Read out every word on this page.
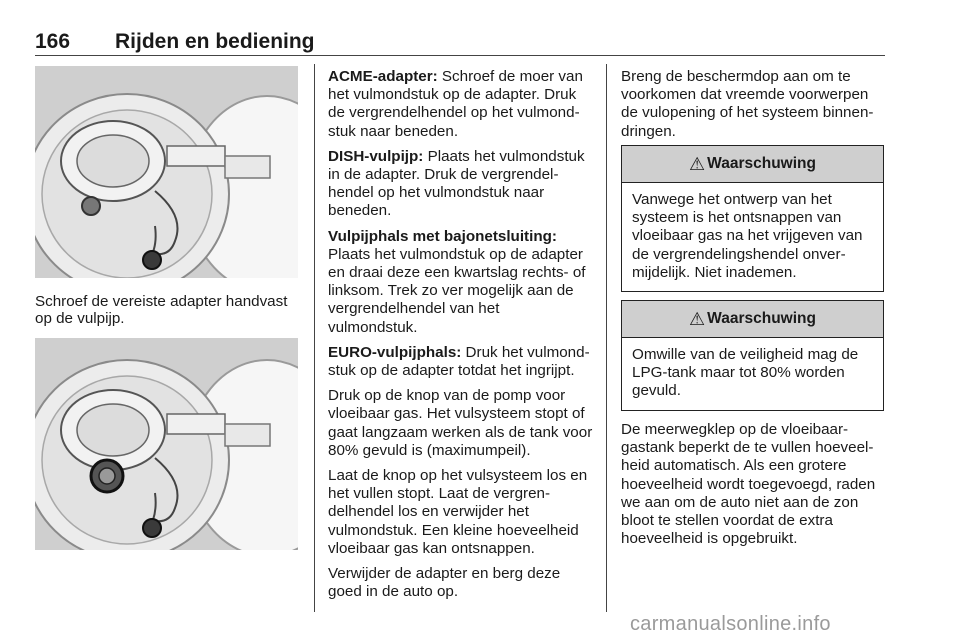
166 Rijden en bediening
Schroef de vereiste adapter handvast op de vulpijp.

ACME-adapter: Schroef de moer van het vulmondstuk op de adapter. Druk de vergrendelhendel op het vulmondstuk naar beneden.

DISH-vulpijp: Plaats het vulmondstuk in de adapter. Druk de vergrendelhendel op het vulmondstuk naar beneden.

Vulpijphals met bajonetsluiting:
Plaats het vulmondstuk op de adapter en draai deze een kwartslag rechts- of linksom. Trek zo ver mogelijk aan de vergrendelhendel van het vulmondstuk.

EURO-vulpijphals: Druk het vulmondstuk op de adapter totdat het ingrijpt.

Druk op de knop van de pomp voor vloeibaar gas. Het vulsysteem stopt of gaat langzaam werken als de tank voor 80% gevuld is (maximumpeil).

Laat de knop op het vulsysteem los en het vullen stopt. Laat de vergrendelhendel los en verwijder het vulmondstuk. Een kleine hoeveelheid vloeibaar gas kan ontsnappen.

Verwijder de adapter en berg deze goed in de auto op.

Breng de beschermdop aan om te voorkomen dat vreemde voorwerpen de vulopening of het systeem binnendringen.

⚠ Waarschuwing
Vanwege het ontwerp van het systeem is het ontsnappen van vloeibaar gas na het vrijgeven van de vergrendelingshendel onvermijdelijk. Niet inademen.
⚠ Waarschuwing
Omwille van de veiligheid mag de LPG-tank maar tot 80% worden gevuld.

De meerwegklep op de vloeibaargastank beperkt de te vullen hoeveelheid automatisch. Als een grotere hoeveelheid wordt toegevoegd, raden we aan om de auto niet aan de zon bloot te stellen voordat de extra hoeveelheid is opgebruikt.

carmanualsonline.info
